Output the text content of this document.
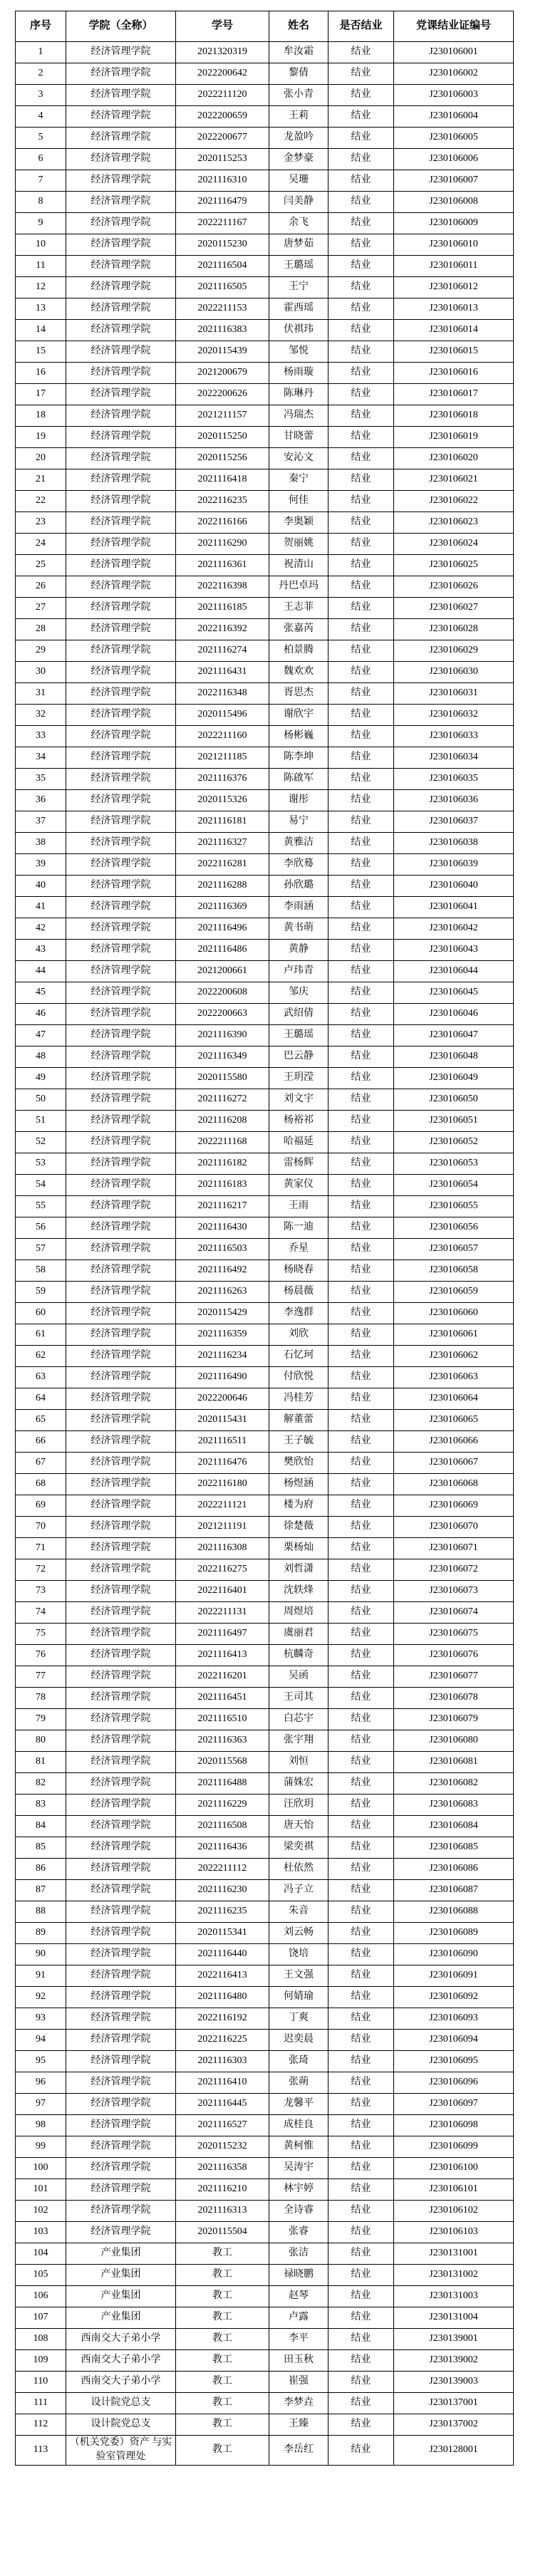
序号	学院（全称）	学号	姓名	是否结业	党课结业证编号
1	经济管理学院	2021320319	牟汝霜	结业	J230106001
2	经济管理学院	2022200642	黎倩	结业	J230106002
3	经济管理学院	2022211120	张小青	结业	J230106003
4	经济管理学院	2022200659	王莉	结业	J230106004
5	经济管理学院	2022200677	龙盈吟	结业	J230106005
6	经济管理学院	2020115253	金梦豪	结业	J230106006
7	经济管理学院	2021116310	吴珊	结业	J230106007
8	经济管理学院	2021116479	闫美静	结业	J230106008
9	经济管理学院	2022211167	余飞	结业	J230106009
10	经济管理学院	2020115230	唐梦茹	结业	J230106010
11	经济管理学院	2021116504	王璐瑶	结业	J230106011
12	经济管理学院	2021116505	王宁	结业	J230106012
13	经济管理学院	2022211153	霍西瑶	结业	J230106013
14	经济管理学院	2021116383	伏祺玮	结业	J230106014
15	经济管理学院	2020115439	邹悦	结业	J230106015
16	经济管理学院	2021200679	杨雨璇	结业	J230106016
17	经济管理学院	2022200626	陈琳丹	结业	J230106017
18	经济管理学院	2021211157	冯瑞杰	结业	J230106018
19	经济管理学院	2020115250	甘晓蕾	结业	J230106019
20	经济管理学院	2020115256	安沁文	结业	J230106020
21	经济管理学院	2021116418	秦宁	结业	J230106021
22	经济管理学院	2022116235	何佳	结业	J230106022
23	经济管理学院	2022116166	李奥颖	结业	J230106023
24	经济管理学院	2021116290	贺丽姚	结业	J230106024
25	经济管理学院	2021116361	祝清山	结业	J230106025
26	经济管理学院	2022116398	丹巴卓玛	结业	J230106026
27	经济管理学院	2021116185	王志菲	结业	J230106027
28	经济管理学院	2022116392	张嘉芮	结业	J230106028
29	经济管理学院	2021116274	柏景腾	结业	J230106029
30	经济管理学院	2021116431	魏欢欢	结业	J230106030
31	经济管理学院	2022116348	胥思杰	结业	J230106031
32	经济管理学院	2020115496	谢欣宇	结业	J230106032
33	经济管理学院	2022211160	杨彬巍	结业	J230106033
34	经济管理学院	2021211185	陈李坤	结业	J230106034
35	经济管理学院	2021116376	陈啟军	结业	J230106035
36	经济管理学院	2020115326	谢彤	结业	J230106036
37	经济管理学院	2021116181	易宁	结业	J230106037
38	经济管理学院	2021116327	黄雅洁	结业	J230106038
39	经济管理学院	2022116281	李欣蓦	结业	J230106039
40	经济管理学院	2021116288	孙欣璐	结业	J230106040
41	经济管理学院	2021116369	李雨涵	结业	J230106041
42	经济管理学院	2021116496	黄书萌	结业	J230106042
43	经济管理学院	2021116486	黄静	结业	J230106043
44	经济管理学院	2021200661	卢玮青	结业	J230106044
45	经济管理学院	2022200608	邹庆	结业	J230106045
46	经济管理学院	2022200663	武绍倩	结业	J230106046
47	经济管理学院	2021116390	王璐瑶	结业	J230106047
48	经济管理学院	2021116349	巴云静	结业	J230106048
49	经济管理学院	2020115580	王玥滢	结业	J230106049
50	经济管理学院	2021116272	刘文宇	结业	J230106050
51	经济管理学院	2021116208	杨裕祁	结业	J230106051
52	经济管理学院	2022211168	哈福延	结业	J230106052
53	经济管理学院	2021116182	雷杨辉	结业	J230106053
54	经济管理学院	2021116183	黄家仪	结业	J230106054
55	经济管理学院	2021116217	王雨	结业	J230106055
56	经济管理学院	2021116430	陈一迪	结业	J230106056
57	经济管理学院	2021116503	乔星	结业	J230106057
58	经济管理学院	2021116492	杨晓春	结业	J230106058
59	经济管理学院	2021116263	杨晨薇	结业	J230106059
60	经济管理学院	2020115429	李逸群	结业	J230106060
61	经济管理学院	2021116359	刘欣	结业	J230106061
62	经济管理学院	2021116234	石忆珂	结业	J230106062
63	经济管理学院	2021116490	付欣悦	结业	J230106063
64	经济管理学院	2022200646	冯桂芳	结业	J230106064
65	经济管理学院	2020115431	解董蕾	结业	J230106065
66	经济管理学院	2021116511	王子毓	结业	J230106066
67	经济管理学院	2021116476	樊欣怡	结业	J230106067
68	经济管理学院	2022116180	杨煜涵	结业	J230106068
69	经济管理学院	2022211121	楼为府	结业	J230106069
70	经济管理学院	2021211191	徐楚薇	结业	J230106070
71	经济管理学院	2021116308	栗杨灿	结业	J230106071
72	经济管理学院	2022116275	刘哲潇	结业	J230106072
73	经济管理学院	2022116401	沈轶烽	结业	J230106073
74	经济管理学院	2022211131	周煜培	结业	J230106074
75	经济管理学院	2021116497	虞丽君	结业	J230106075
76	经济管理学院	2021116413	杭麟奇	结业	J230106076
77	经济管理学院	2022116201	吴函	结业	J230106077
78	经济管理学院	2021116451	王司其	结业	J230106078
79	经济管理学院	2021116510	白芯宇	结业	J230106079
80	经济管理学院	2021116363	张宇翔	结业	J230106080
81	经济管理学院	2020115568	刘恒	结业	J230106081
82	经济管理学院	2021116488	蒲姝宏	结业	J230106082
83	经济管理学院	2021116229	汪欣玥	结业	J230106083
84	经济管理学院	2021116508	唐天怡	结业	J230106084
85	经济管理学院	2021116436	梁奕祺	结业	J230106085
86	经济管理学院	2022211112	杜依然	结业	J230106086
87	经济管理学院	2021116230	冯子立	结业	J230106087
88	经济管理学院	2021116235	朱音	结业	J230106088
89	经济管理学院	2020115341	刘云畅	结业	J230106089
90	经济管理学院	2021116440	饶培	结业	J230106090
91	经济管理学院	2022116413	王文强	结业	J230106091
92	经济管理学院	2021116480	何婧瑜	结业	J230106092
93	经济管理学院	2022116192	丁爽	结业	J230106093
94	经济管理学院	2022116225	迟奕晨	结业	J230106094
95	经济管理学院	2021116303	张琦	结业	J230106095
96	经济管理学院	2021116410	张蒴	结业	J230106096
97	经济管理学院	2021116445	龙馨平	结业	J230106097
98	经济管理学院	2021116527	成桂良	结业	J230106098
99	经济管理学院	2020115232	黄柯惟	结业	J230106099
100	经济管理学院	2021116358	吴涛宇	结业	J230106100
101	经济管理学院	2021116210	林宇婷	结业	J230106101
102	经济管理学院	2021116313	全诗睿	结业	J230106102
103	经济管理学院	2020115504	张睿	结业	J230106103
104	产业集团	教工	张洁	结业	J230131001
105	产业集团	教工	禄晓鹏	结业	J230131002
106	产业集团	教工	赵琴	结业	J230131003
107	产业集团	教工	卢露	结业	J230131004
108	西南交大子弟小学	教工	李平	结业	J230139001
109	西南交大子弟小学	教工	田玉秋	结业	J230139002
110	西南交大子弟小学	教工	崔强	结业	J230139003
111	设计院党总支	教工	李梦垚	结业	J230137001
112	设计院党总支	教工	王臻	结业	J230137002
113	（机关党委）资产 与实验室管理处	教工	李岳红	结业	J230128001
